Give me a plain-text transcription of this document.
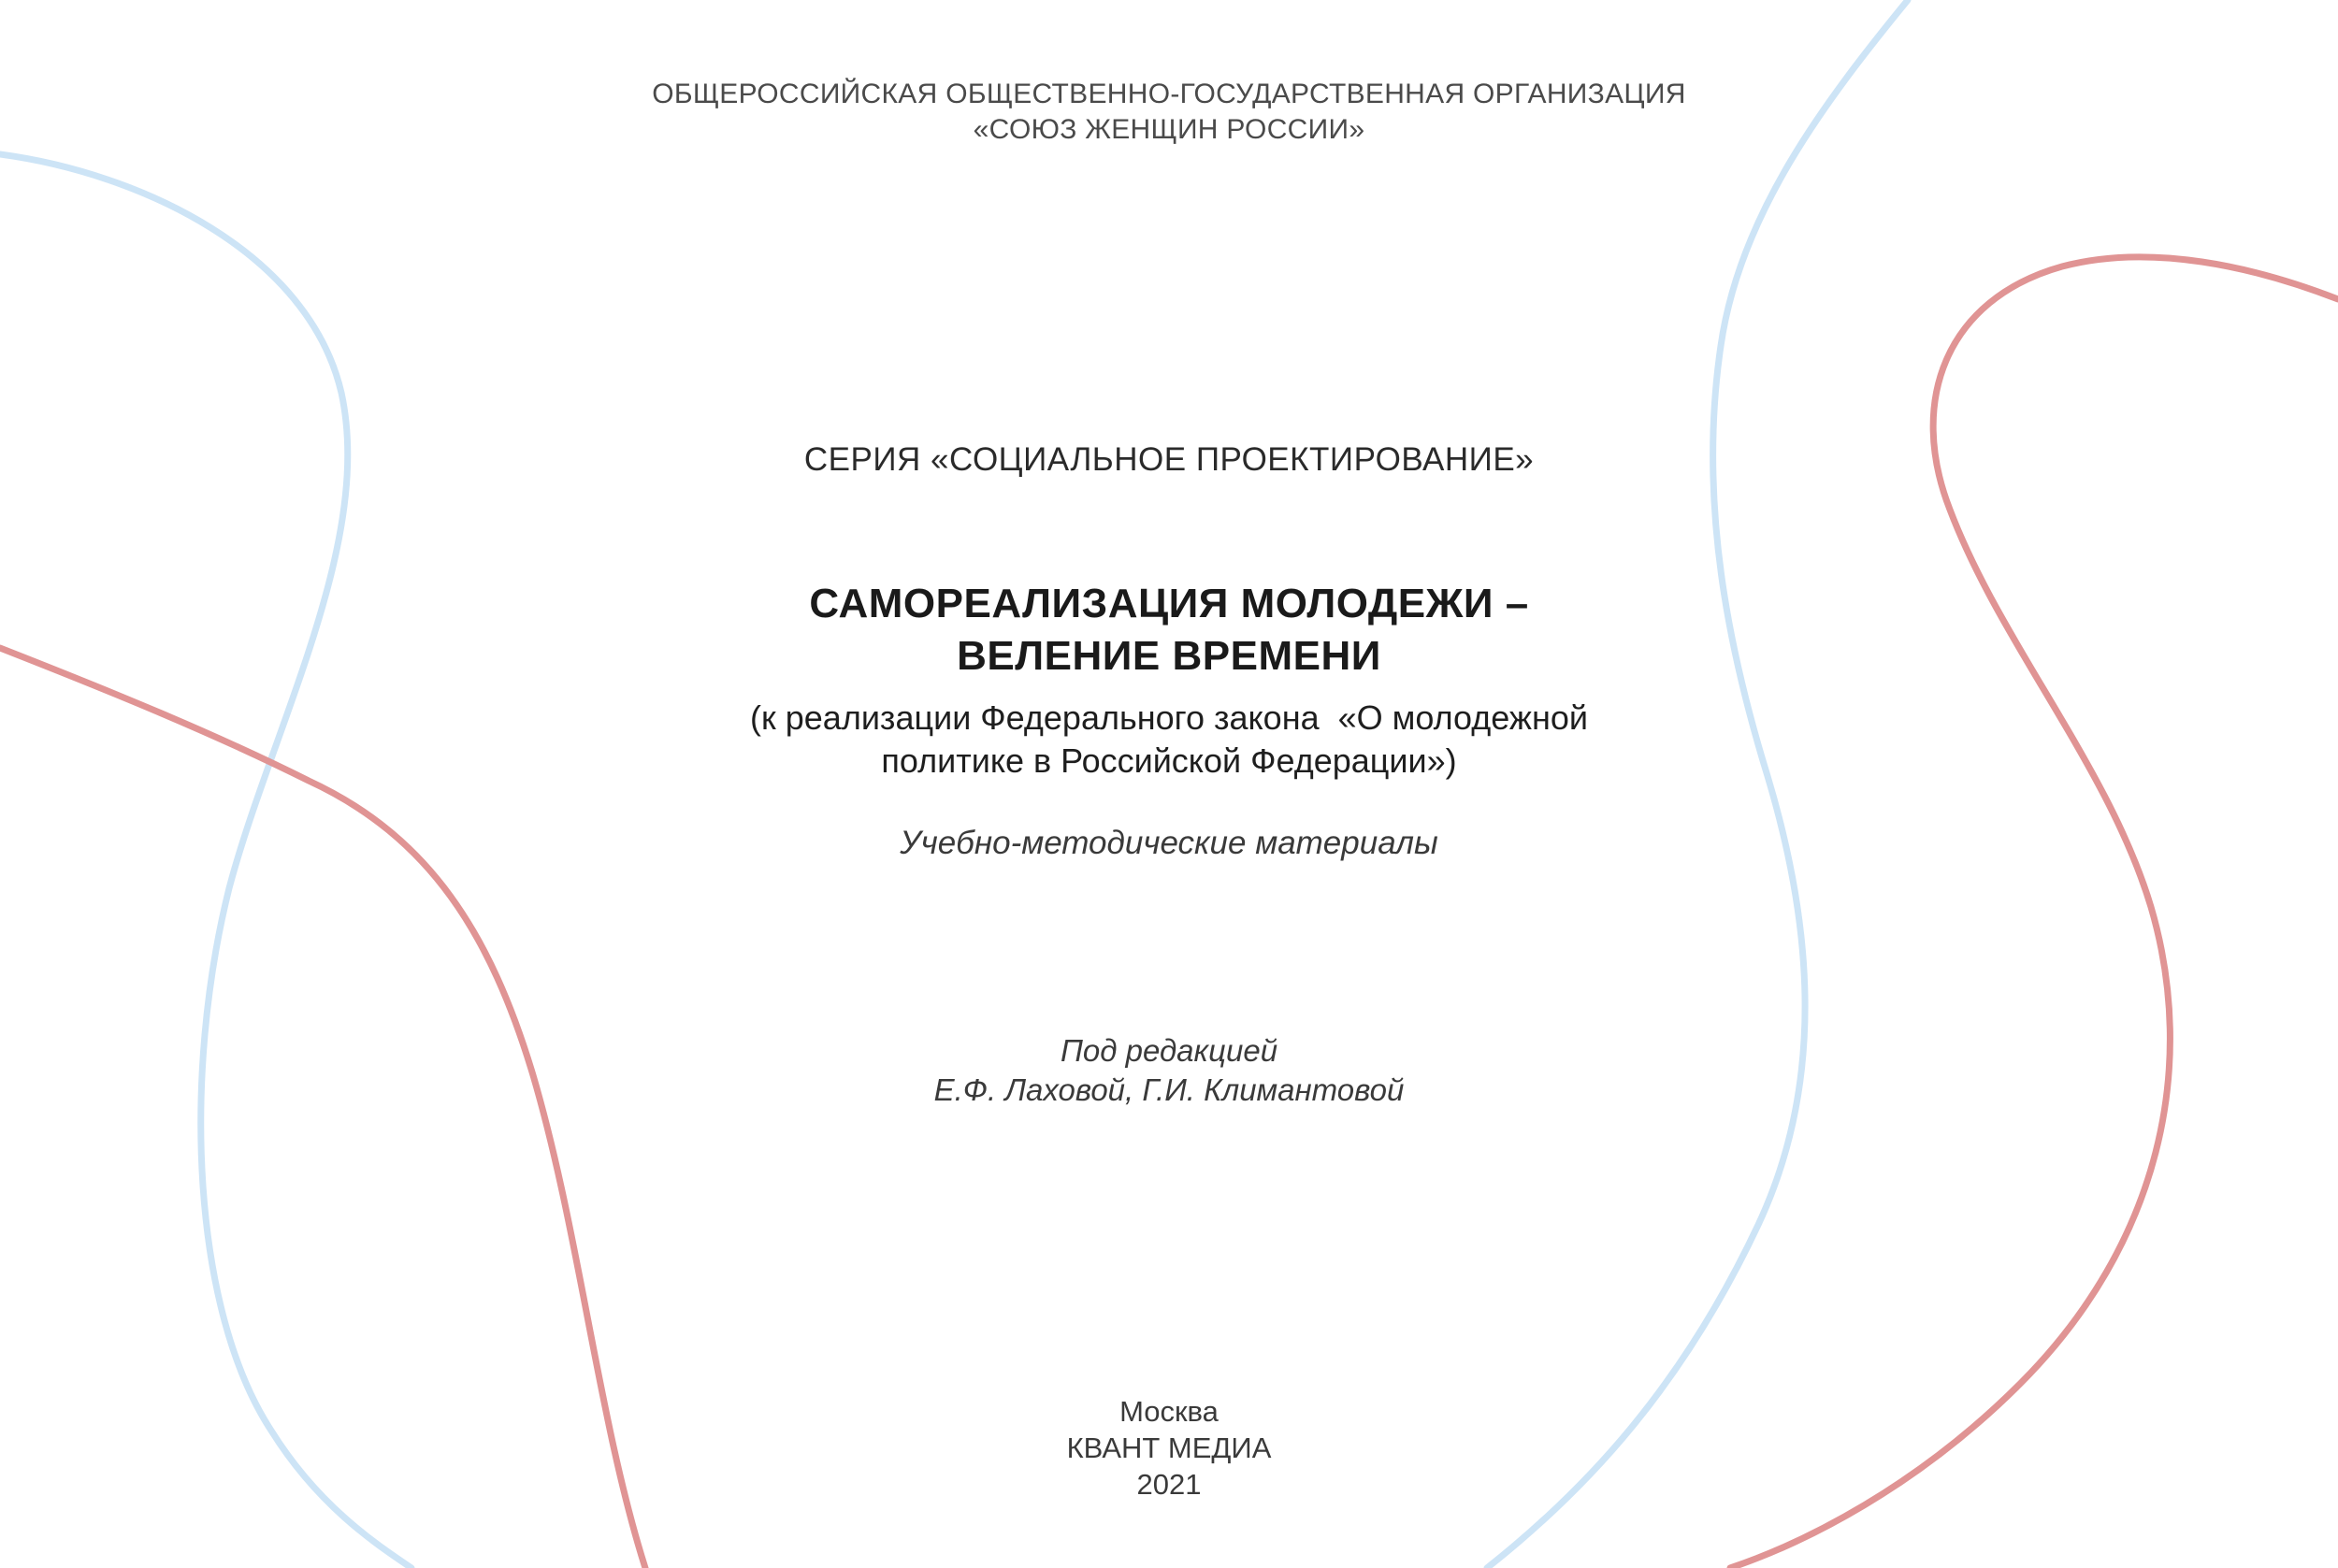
ОБЩЕРОССИЙСКАЯ ОБЩЕСТВЕННО-ГОСУДАРСТВЕННАЯ ОРГАНИЗАЦИЯ
«СОЮЗ ЖЕНЩИН РОССИИ»
СЕРИЯ «СОЦИАЛЬНОЕ ПРОЕКТИРОВАНИЕ»
САМОРЕАЛИЗАЦИЯ МОЛОДЕЖИ –
ВЕЛЕНИЕ ВРЕМЕНИ
(к реализации Федерального закона  «О молодежной
политике в Российской Федерации»)
Учебно-методические материалы
Под редакцией
Е.Ф. Лаховой, Г.И. Климантовой
Москва
КВАНТ МЕДИА
2021
